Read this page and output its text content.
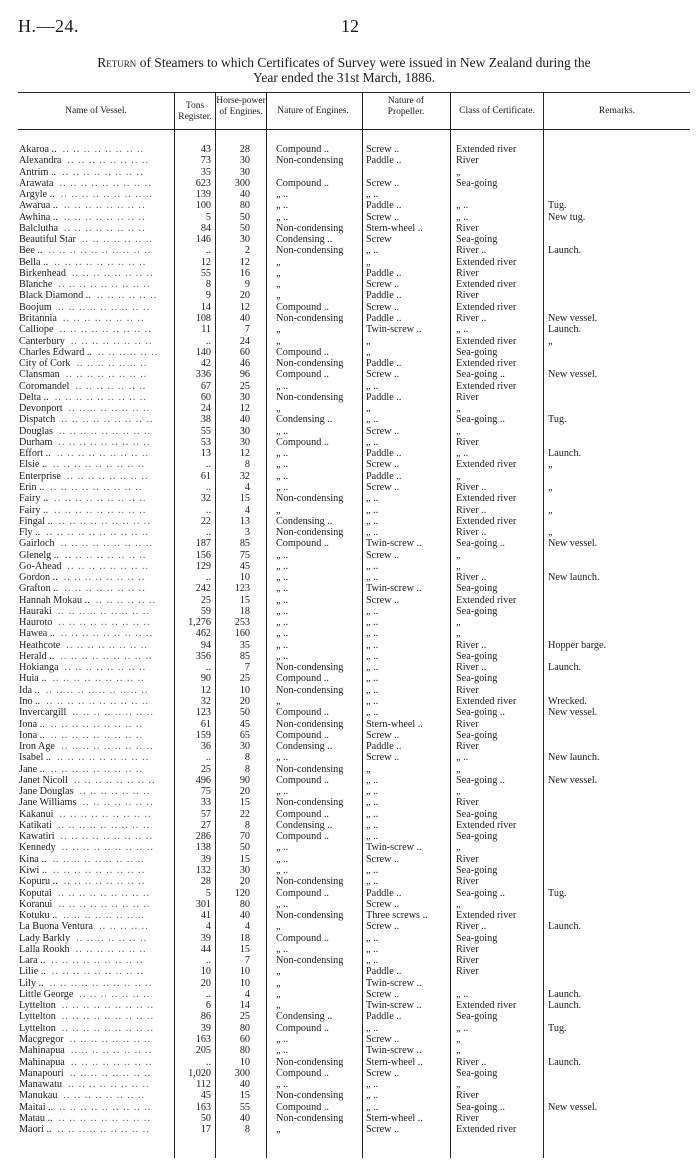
H.—24.	12
Return of Steamers to which Certificates of Survey were issued in New Zealand during the
Year ended the 31st March, 1886.
Name of Vessel.	Tons Register.
Horse-power of Engines.	Nature of Engines.
Nature of Propeller.	Class of Certificate.	Remarks.
Akaroa .. .. .. .. .. .. .. .. ..	43	28	Compound ..	Screw ..	Extended river
Alexandra .. .. .. .. .. .. .. ..	73	30	Non-condensing	Paddle ..	River
Antrim .. .. .. .. .. .. .. .. ..	35	30	„
Arawata .. .. .. .. .. .. .. .. ..	623	300	Compound ..	Screw ..	Sea-going
Argyle .. .. .. .. .. .. .. .. .. ..	139	40	„ ..	„ ..
Awarua .. .. .. .. .. .. .. .. ..	100	80	„ ..	Paddle ..	„ ..	Tug.
Awhina .. .. .. .. .. .. .. .. ..	5	50	„ ..	Screw ..	„ ..	New tug.
Balclutha .. .. .. .. .. .. .. ..	84	50	Non-condensing	Stern-wheel ..	River
Beautiful Star .. .. .. .. .. .. ..	146	30	Condensing ..	Screw	Sea-going
Bee .. .. .. .. .. .. .. .. .. .. ..	..	2	Non-condensing	„ ..	River ..	Launch.
Bella .. .. .. .. .. .. .. .. .. ..	12	12	„	„	Extended river
Birkenhead .. .. .. .. .. .. .. ..	55	16	„	Paddle ..	River
Blanche .. .. .. .. .. .. .. .. ..	8	9	„	Screw ..	Extended river
Black Diamond .. .. .. .. .. .. ..	9	20	„	Paddle ..	River
Boojum .. .. .. .. .. .. .. .. ..	14	12	Compound ..	Screw ..	Extended river
Britannia .. .. .. .. .. .. .. ..	108	40	Non-condensing	Paddle ..	River ..	New vessel.
Calliope .. .. .. .. .. .. .. .. ..	11	7	„	Twin-screw ..	„ ..	Launch.
Canterbury .. .. .. .. .. .. .. ..	..	24	„	„	Extended river	„
Charles Edward .. .. .. .. .. .. ..	140	60	Compound ..	„	Sea-going
City of Cork .. .. .. .. .. .. ..	42	46	Non-condensing	Paddle ..	Extended river
Clansman .. .. .. .. .. .. .. ..	336	96	Compound ..	Screw ..	Sea-going ..	New vessel.
Coromandel .. .. .. .. .. .. ..	67	25	„ ..	„ ..	Extended river
Delta .. .. .. .. .. .. .. .. .. ..	60	30	Non-condensing	Paddle ..	River
Devonport .. .. .. .. .. .. .. ..	24	12	„	„	„
Dispatch .. .. .. .. .. .. .. .. ..	38	40	Condensing ..	„ ..	Sea-going ..	Tug.
Douglas .. .. .. .. .. .. .. .. ..	55	30	„ ..	Screw ..	„
Durham .. .. .. .. .. .. .. .. ..	53	30	Compound ..	„ ..	River
Effort .. .. .. .. .. .. .. .. .. ..	13	12	„ ..	Paddle ..	„ ..	Launch.
Elsie .. .. .. .. .. .. .. .. .. ..	..	8	„ ..	Screw ..	Extended river	„
Enterprise .. .. .. .. .. .. .. ..	61	32	„ ..	Paddle ..	„
Erin .. .. .. .. .. .. .. .. .. ..	..	4	„ ..	Screw ..	River ..	„
Fairy .. .. .. .. .. .. .. .. .. ..	32	15	Non-condensing	„ ..	Extended river
Fairy .. .. .. .. .. .. .. .. .. ..	..	4	„	„ ..	River ..	„
Fingal .. .. .. .. .. .. .. .. .. ..	22	13	Condensing ..	„ ..	Extended river
Fly .. .. .. .. .. .. .. .. .. .. ..	..	3	Non-condensing	„ ..	River ..	„
Gairloch .. .. .. .. .. .. .. .. ..	187	85	Compound ..	Twin-screw ..	Sea-going ..	New vessel.
Glenelg .. .. .. .. .. .. .. .. ..	156	75	„ ..	Screw ..	„
Go-Ahead .. .. .. .. .. .. .. ..	129	45	„ ..	„ ..	„
Gordon .. .. .. .. .. .. .. .. ..	..	10	„ ..	„ ..	River ..	New launch.
Grafton .. .. .. .. .. .. .. .. ..	242	123	„ ..	Twin-screw ..	Sea-going
Hannah Mokau .. .. .. .. .. .. ..	25	15	„ ..	Screw ..	Extended river
Hauraki .. .. .. .. .. .. .. .. ..	59	18	„ ..	„ ..	Sea-going
Hauroto .. .. .. .. .. .. .. .. ..	1,276	253	„ ..	„ ..	„
Hawea .. .. .. .. .. .. .. .. .. ..	462	160	„ ..	„ ..	„
Heathcote .. .. .. .. .. .. .. ..	94	35	„ ..	„ ..	River ..	Hopper barge.
Herald .. .. .. .. .. .. .. .. .. ..	356	85	„ ..	„ ..	Sea-going
Hokianga .. .. .. .. .. .. .. ..	..	7	Non-condensing	„ ..	River ..	Launch.
Huia .. .. .. .. .. .. .. .. .. ..	90	25	Compound ..	„ ..	Sea-going
Ida .. .. .. .. .. .. .. .. .. .. ..	12	10	Non-condensing	„ ..	River
Ino .. .. .. .. .. .. .. .. .. .. ..	32	20	„	„ ..	Extended river	Wrecked.
Invercargill .. .. .. .. .. .. .. ..	123	50	Compound ..	„ ..	Sea-going ..	New vessel.
Iona .. .. .. .. .. .. .. .. .. ..	61	45	Non-condensing	Stern-wheel ..	River
Iona .. .. .. .. .. .. .. .. .. ..	159	65	Compound ..	Screw ..	Sea-going
Iron Age .. .. .. .. .. .. .. .. ..	36	30	Condensing ..	Paddle ..	River
Isabel .. .. .. .. .. .. .. .. .. ..	..	8	„ ..	Screw ..	„ ..	New launch.
Jane .. .. .. .. .. .. .. .. .. ..	25	8	Non-condensing	„	„
Janet Nicoll .. .. .. .. .. .. .. ..	496	90	Compound ..	„ ..	Sea-going ..	New vessel.
Jane Douglas .. .. .. .. .. .. ..	75	20	„ ..	„ ..	„
Jane Williams .. .. .. .. .. .. ..	33	15	Non-condensing	„ ..	River
Kakanui .. .. .. .. .. .. .. .. ..	57	22	Compound ..	„ ..	Sea-going
Katikati .. .. .. .. .. .. .. .. ..	27	8	Condensing ..	„ ..	Extended river
Kawatiri .. .. .. .. .. .. .. .. ..	286	70	Compound ..	„ ..	Sea-going
Kennedy .. .. .. .. .. .. .. .. ..	138	50	„ ..	Twin-screw ..	„
Kina .. .. .. .. .. .. .. .. .. ..	39	15	„ ..	Screw ..	River
Kiwi .. .. .. .. .. .. .. .. .. ..	132	30	„ ..	„ ..	Sea-going
Kopuru .. .. .. .. .. .. .. .. ..	28	20	Non-condensing	„ ..	River
Koputai .. .. .. .. .. .. .. .. ..	5	120	Compound ..	Paddle ..	Sea-going ..	Tug.
Koranui .. .. .. .. .. .. .. .. ..	301	80	„ ..	Screw ..	„
Kotuku .. .. .. .. .. .. .. .. ..	41	40	Non-condensing	Three screws ..	Extended river
La Buona Ventura .. .. .. .. ..	4	4	„	Screw ..	River ..	Launch.
Lady Barkly .. .. .. .. .. .. ..	39	18	Compound ..	„ ..	Sea-going
Lalla Rookh .. .. .. .. .. .. ..	44	15	„ ..	„ ..	River
Lara .. .. .. .. .. .. .. .. .. ..	..	7	Non-condensing	„ ..	River
Lilie .. .. .. .. .. .. .. .. .. ..	10	10	„	Paddle ..	River
Lily .. .. .. .. .. .. .. .. .. .. ..	20	10	„	Twin-screw ..
Little George .. .. .. .. .. .. ..	..	4	„	Screw ..	„ ..	Launch.
Lyttelton .. .. .. .. .. .. .. .. ..	6	14	„	Twin-screw ..	Extended river	Launch.
Lyttelton .. .. .. .. .. .. .. .. ..	86	25	Condensing ..	Paddle ..	Sea-going
Lyttelton .. .. .. .. .. .. .. .. ..	39	80	Compound ..	„ ..	„ ..	Tug.
Macgregor .. .. .. .. .. .. .. ..	163	60	„ ..	Screw ..	„
Mahinapua .. .. .. .. .. .. .. ..	205	80	„ ..	Twin-screw ..	„
Mahinapua .. .. .. .. .. .. .. ..	..	10	Non-condensing	Stern-wheel ..	River ..	Launch.
Manapouri .. .. .. .. .. .. .. ..	1,020	300	Compound ..	Screw ..	Sea-going
Manawatu .. .. .. .. .. .. .. ..	112	40	„ ..	„ ..	„
Manukau .. .. .. .. .. .. .. ..	45	15	Non-condensing	„ ..	River
Maitai .. .. .. .. .. .. .. .. .. ..	163	55	Compound ..	„ ..	Sea-going ..	New vessel.
Matau .. .. .. .. .. .. .. .. .. ..	50	40	Non-condensing	Stern-wheel ..	River
Maori .. .. .. .. .. .. .. .. .. ..	17	8	„	Screw ..	Extended river
